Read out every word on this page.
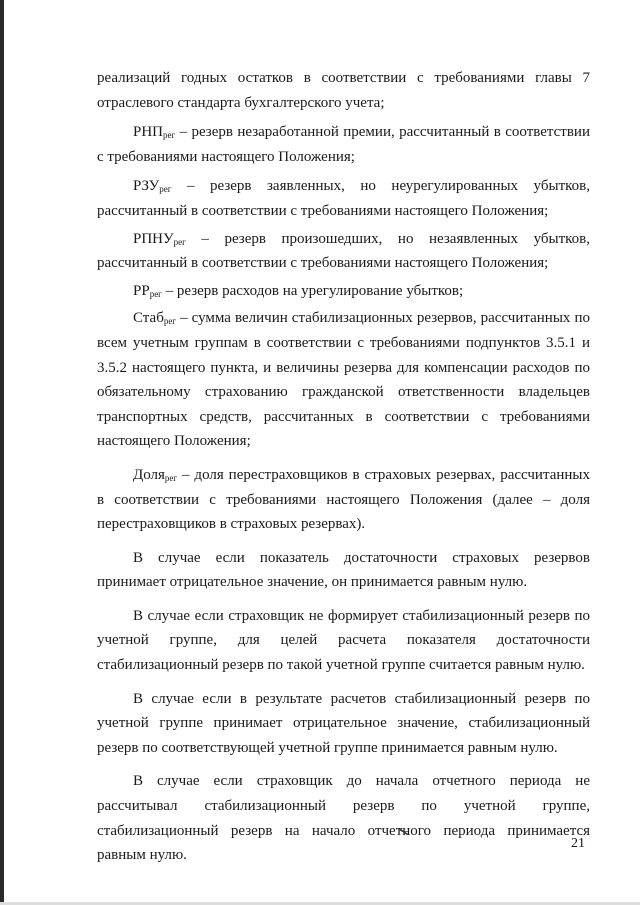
реализаций годных остатков в соответствии с требованиями главы 7 отраслевого стандарта бухгалтерского учета;

$РНП_{рег}$ – резерв незаработанной премии, рассчитанный в соответствии с требованиями настоящего Положения;

$РЗУ_{рег}$ – резерв заявленных, но неурегулированных убытков, рассчитанный в соответствии с требованиями настоящего Положения;

$РПНУ_{рег}$ – резерв произошедших, но незаявленных убытков, рассчитанный в соответствии с требованиями настоящего Положения;

$РР_{рег}$ – резерв расходов на урегулирование убытков;

Стаб$_{рег}$ – сумма величин стабилизационных резервов, рассчитанных по всем учетным группам в соответствии с требованиями подпунктов 3.5.1 и 3.5.2 настоящего пункта, и величины резерва для компенсации расходов по обязательному страхованию гражданской ответственности владельцев транспортных средств, рассчитанных в соответствии с требованиями настоящего Положения;

Доля$_{рег}$ – доля перестраховщиков в страховых резервах, рассчитанных в соответствии с требованиями настоящего Положения (далее – доля перестраховщиков в страховых резервах).

В случае если показатель достаточности страховых резервов принимает отрицательное значение, он принимается равным нулю.

В случае если страховщик не формирует стабилизационный резерв по учетной группе, для целей расчета показателя достаточности стабилизационный резерв по такой учетной группе считается равным нулю.

В случае если в результате расчетов стабилизационный резерв по учетной группе принимает отрицательное значение, стабилизационный резерв по соответствующей учетной группе принимается равным нулю.

В случае если страховщик до начала отчетного периода не рассчитывал стабилизационный резерв по учетной группе, стабилизационный резерв на начало отчетного периода принимается равным нулю.

21
